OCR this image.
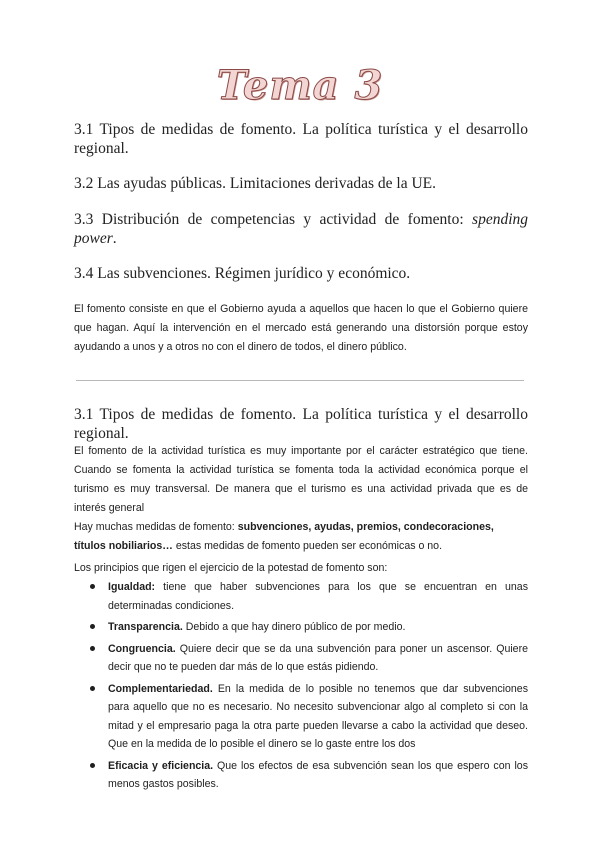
Tema 3
3.1 Tipos de medidas de fomento. La política turística y el desarrollo regional.
3.2 Las ayudas públicas. Limitaciones derivadas de la UE.
3.3 Distribución de competencias y actividad de fomento: spending power.
3.4 Las subvenciones. Régimen jurídico y económico.
El fomento consiste en que el Gobierno ayuda a aquellos que hacen lo que el Gobierno quiere que hagan. Aquí la intervención en el mercado está generando una distorsión porque estoy ayudando a unos y a otros no con el dinero de todos, el dinero público.
3.1 Tipos de medidas de fomento. La política turística y el desarrollo regional.
El fomento de la actividad turística es muy importante por el carácter estratégico que tiene. Cuando se fomenta la actividad turística se fomenta toda la actividad económica porque el turismo es muy transversal. De manera que el turismo es una actividad privada que es de interés general
Hay muchas medidas de fomento: subvenciones, ayudas, premios, condecoraciones, títulos nobiliarios… estas medidas de fomento pueden ser económicas o no.
Los principios que rigen el ejercicio de la potestad de fomento son:
Igualdad: tiene que haber subvenciones para los que se encuentran en unas determinadas condiciones.
Transparencia. Debido a que hay dinero público de por medio.
Congruencia. Quiere decir que se da una subvención para poner un ascensor. Quiere decir que no te pueden dar más de lo que estás pidiendo.
Complementariedad. En la medida de lo posible no tenemos que dar subvenciones para aquello que no es necesario. No necesito subvencionar algo al completo si con la mitad y el empresario paga la otra parte pueden llevarse a cabo la actividad que deseo. Que en la medida de lo posible el dinero se lo gaste entre los dos
Eficacia y eficiencia. Que los efectos de esa subvención sean los que espero con los menos gastos posibles.
